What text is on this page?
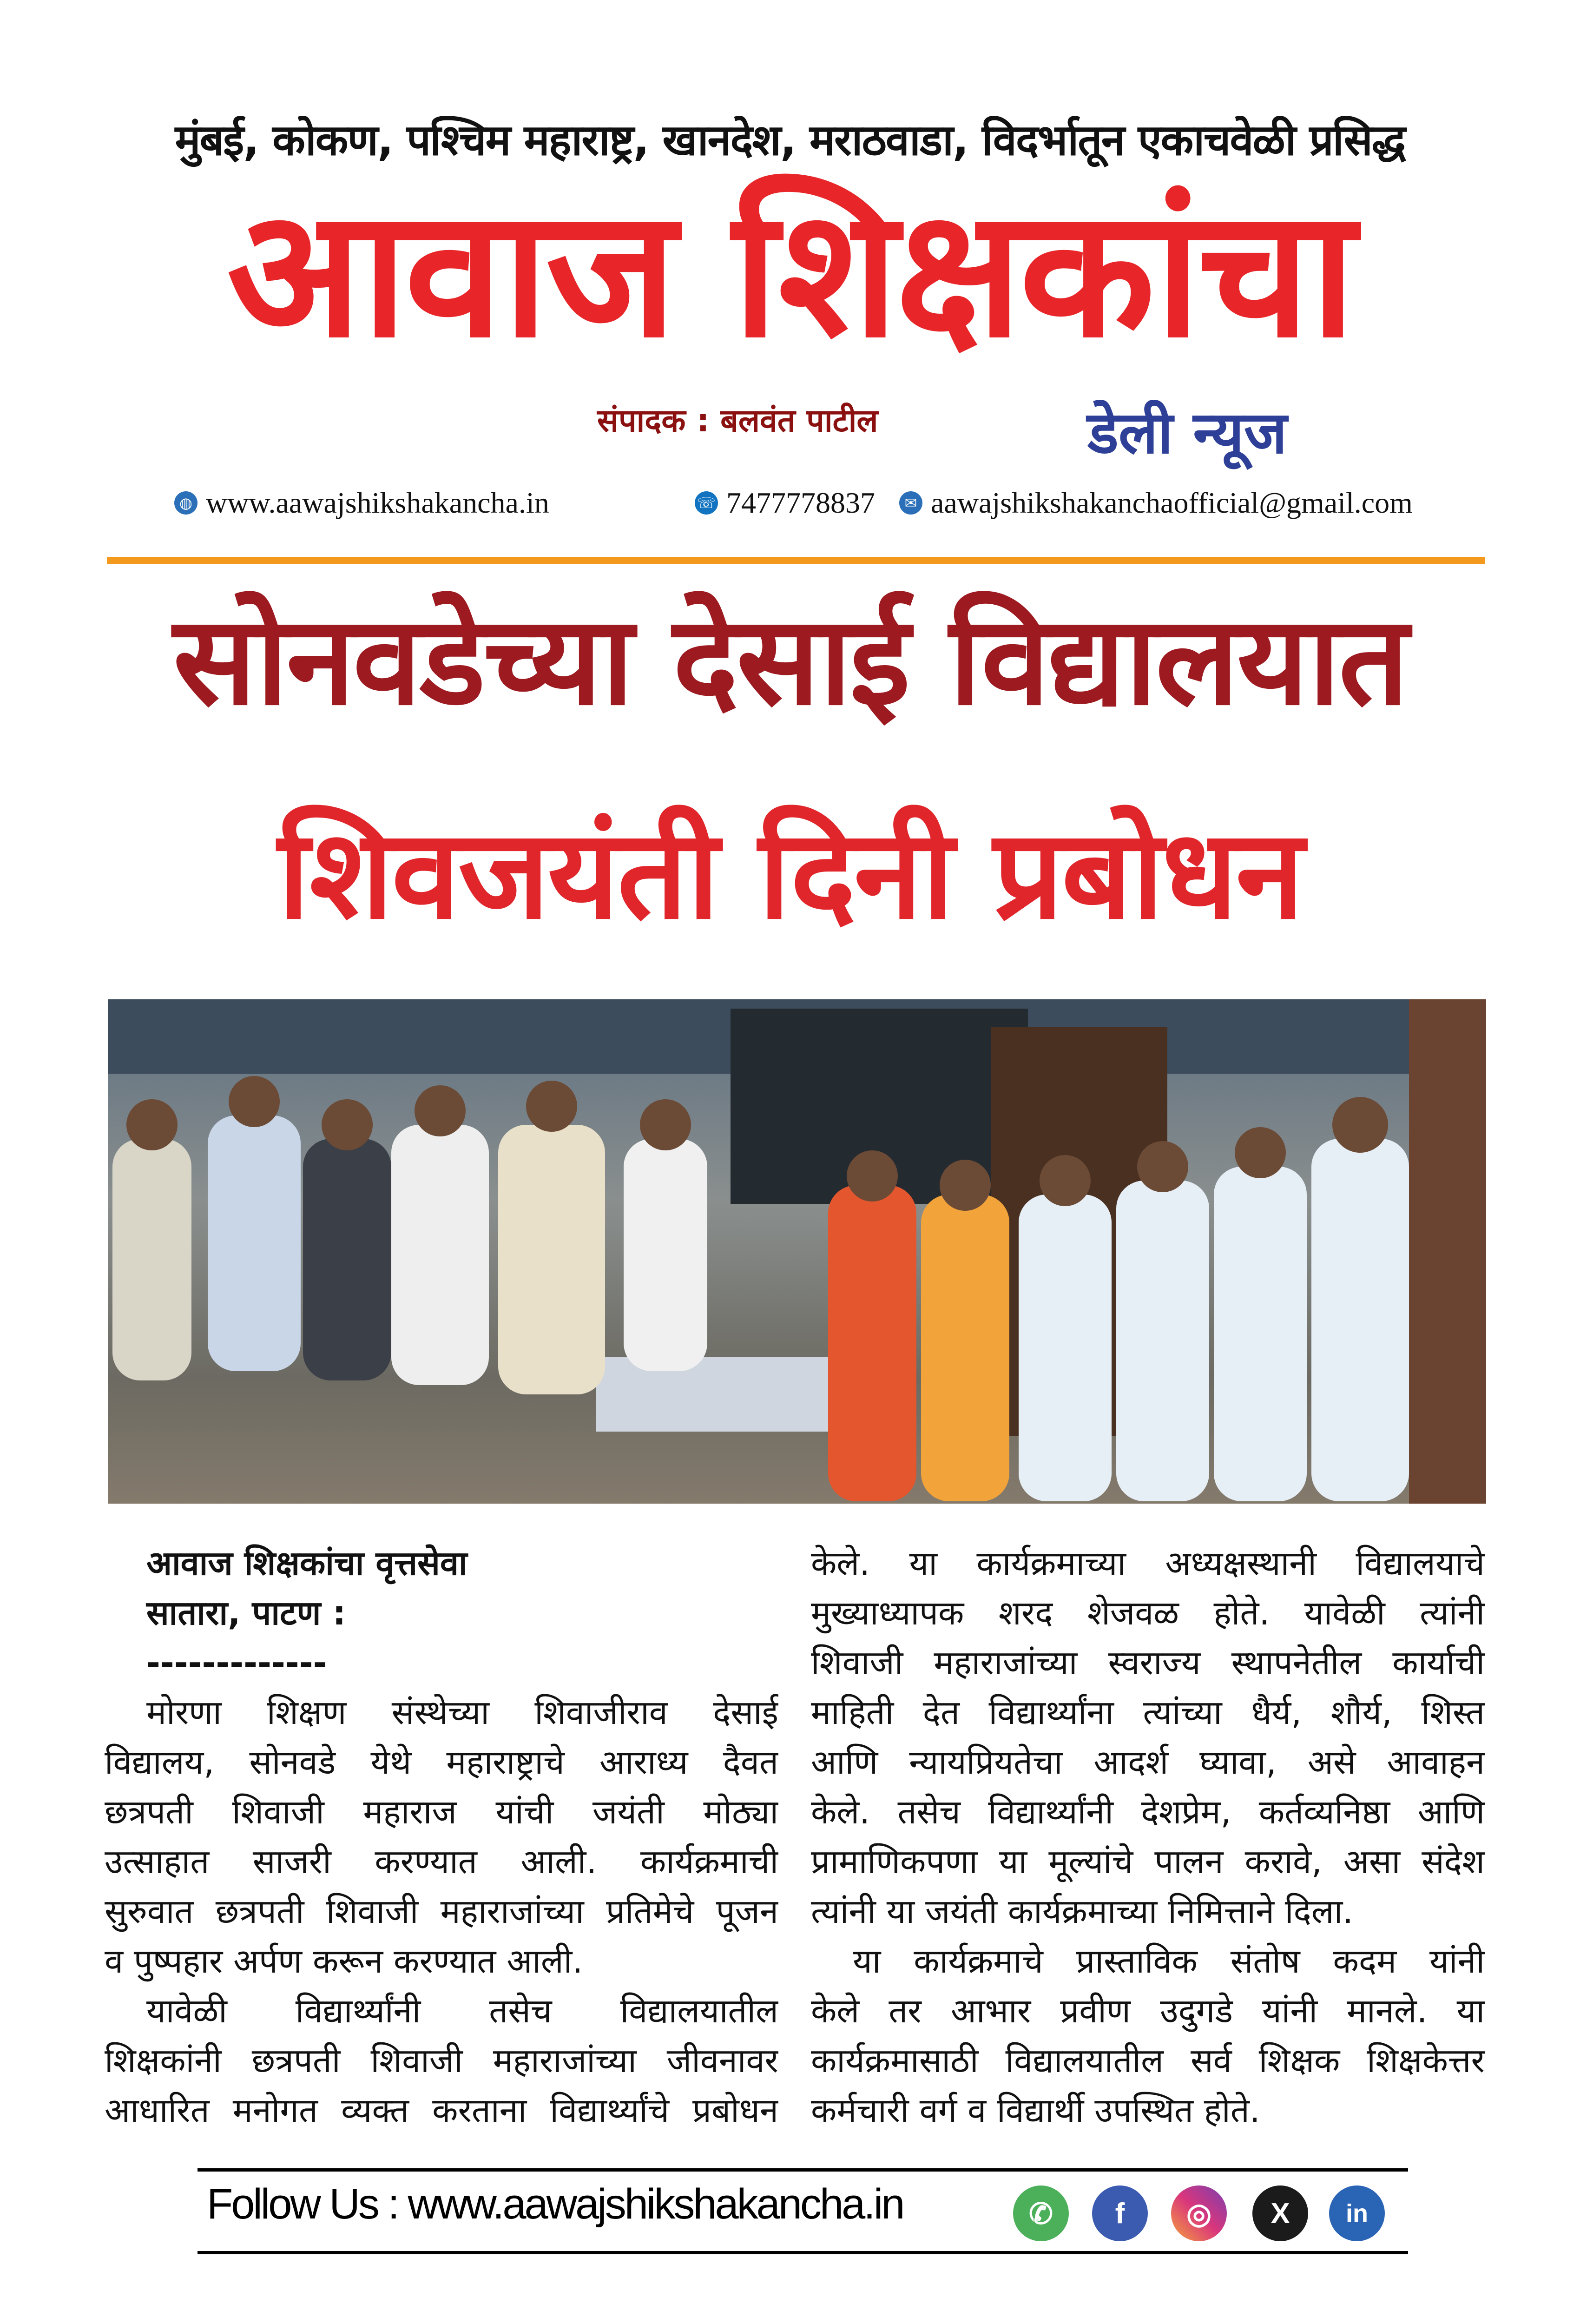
मुंबई, कोकण, पश्चिम महाराष्ट्र, खानदेश, मराठवाडा, विदर्भातून एकाचवेळी प्रसिद्ध
आवाज शिक्षकांचा
संपादक : बलवंत पाटील	डेली न्यूज
◍ www.aawajshikshakancha.in	☏ 7477778837	✉ aawajshikshakanchaofficial@gmail.com
सोनवडेच्या देसाई विद्यालयात
शिवजयंती दिनी प्रबोधन
आवाज शिक्षकांचा वृत्तसेवा
सातारा, पाटण :
-------------
मोरणा शिक्षण संस्थेच्या शिवाजीराव देसाई
विद्यालय, सोनवडे येथे महाराष्ट्राचे आराध्य दैवत
छत्रपती शिवाजी महाराज यांची जयंती मोठ्या
उत्साहात साजरी करण्यात आली. कार्यक्रमाची
सुरुवात छत्रपती शिवाजी महाराजांच्या प्रतिमेचे पूजन
व पुष्पहार अर्पण करून करण्यात आली.
यावेळी विद्यार्थ्यांनी तसेच विद्यालयातील
शिक्षकांनी छत्रपती शिवाजी महाराजांच्या जीवनावर
आधारित मनोगत व्यक्त करताना विद्यार्थ्यांचे प्रबोधन
केले. या कार्यक्रमाच्या अध्यक्षस्थानी विद्यालयाचे
मुख्याध्यापक शरद शेजवळ होते. यावेळी त्यांनी
शिवाजी महाराजांच्या स्वराज्य स्थापनेतील कार्याची
माहिती देत विद्यार्थ्यांना त्यांच्या धैर्य, शौर्य, शिस्त
आणि न्यायप्रियतेचा आदर्श घ्यावा, असे आवाहन
केले. तसेच विद्यार्थ्यांनी देशप्रेम, कर्तव्यनिष्ठा आणि
प्रामाणिकपणा या मूल्यांचे पालन करावे, असा संदेश
त्यांनी या जयंती कार्यक्रमाच्या निमित्ताने दिला.
या कार्यक्रमाचे प्रास्ताविक संतोष कदम यांनी
केले तर आभार प्रवीण उदुगडे यांनी मानले. या
कार्यक्रमासाठी विद्यालयातील सर्व शिक्षक शिक्षकेत्तर
कर्मचारी वर्ग व विद्यार्थी उपस्थित होते.
Follow Us : www.aawajshikshakancha.in	✆	f	◎	X	in
